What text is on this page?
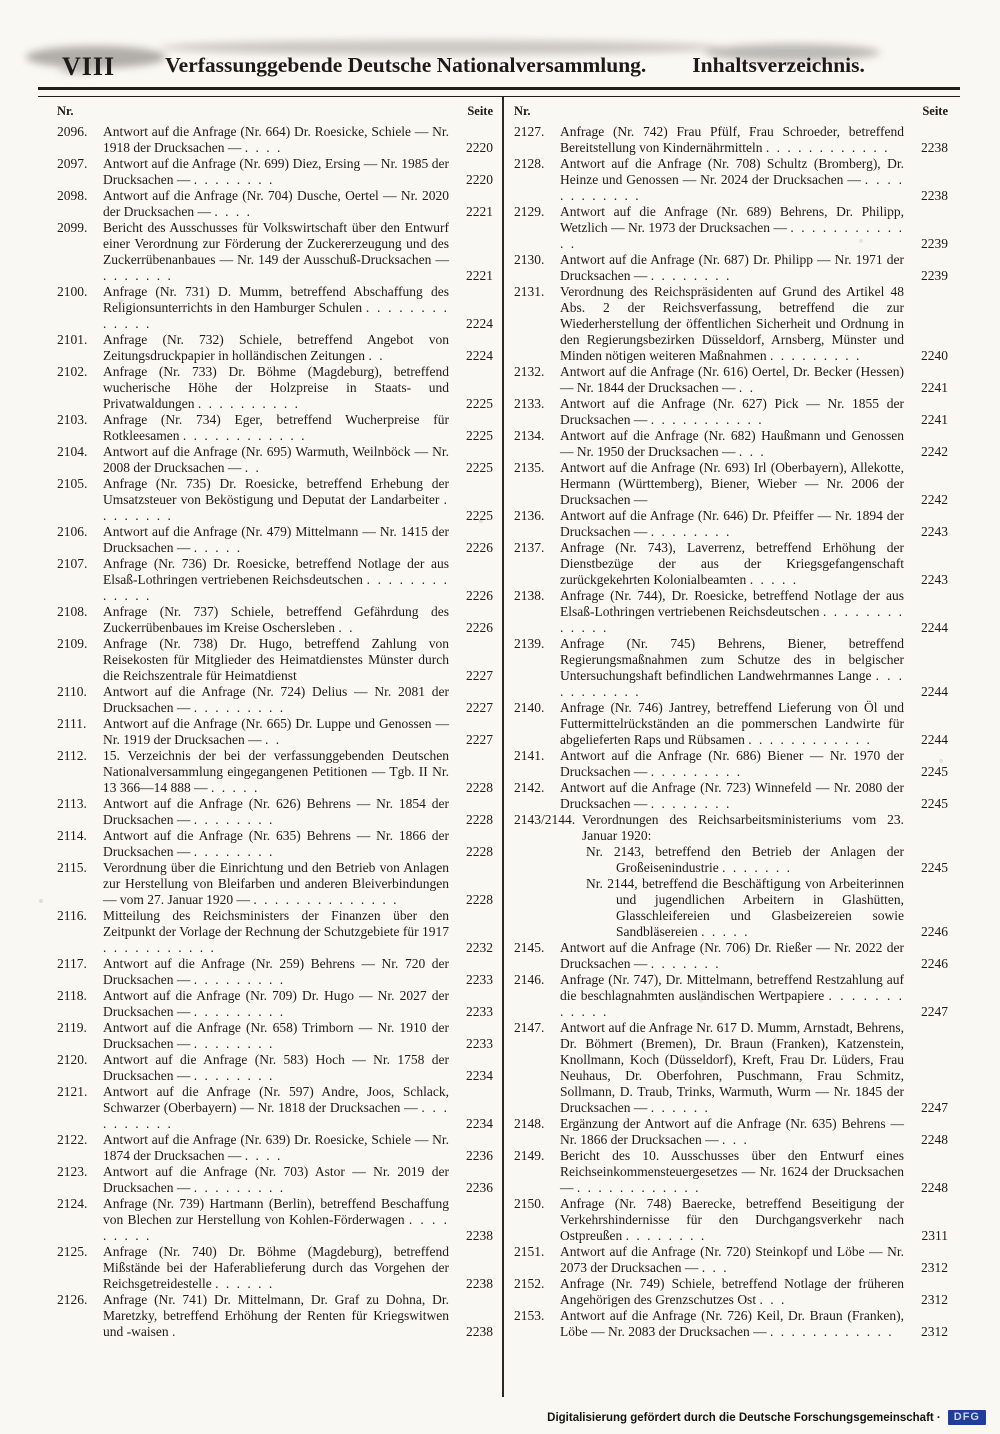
VIII Verfassunggebende Deutsche Nationalversammlung. Inhaltsverzeichnis.
Nr.	Seite
2096. Antwort auf die Anfrage (Nr. 664) Dr. Roesicke, Schiele — Nr. 1918 der Drucksachen — . . . .	2220
2097. Antwort auf die Anfrage (Nr. 699) Diez, Ersing — Nr. 1985 der Drucksachen — . . . . . . . .	2220
2098. Antwort auf die Anfrage (Nr. 704) Dusche, Oertel — Nr. 2020 der Drucksachen — . . . .	2221
2099. Bericht des Ausschusses für Volkswirtschaft über den Entwurf einer Verordnung zur Förderung der Zuckererzeugung und des Zuckerrübenanbaues — Nr. 149 der Ausschuß-Drucksachen — . . . . . . .	2221
2100. Anfrage (Nr. 731) D. Mumm, betreffend Abschaffung des Religionsunterrichts in den Hamburger Schulen . . . . . . . . . . . . .	2224
2101. Anfrage (Nr. 732) Schiele, betreffend Angebot von Zeitungsdruckpapier in holländischen Zeitungen . .	2224
2102. Anfrage (Nr. 733) Dr. Böhme (Magdeburg), betreffend wucherische Höhe der Holzpreise in Staats- und Privatwaldungen . . . . . . . . . .	2225
2103. Anfrage (Nr. 734) Eger, betreffend Wucherpreise für Rotkleesamen . . . . . . . . . . . .	2225
2104. Antwort auf die Anfrage (Nr. 695) Warmuth, Weilnböck — Nr. 2008 der Drucksachen — . .	2225
2105. Anfrage (Nr. 735) Dr. Roesicke, betreffend Erhebung der Umsatzsteuer von Beköstigung und Deputat der Landarbeiter . . . . . . . .	2225
2106. Antwort auf die Anfrage (Nr. 479) Mittelmann — Nr. 1415 der Drucksachen — . . . . .	2226
2107. Anfrage (Nr. 736) Dr. Roesicke, betreffend Notlage der aus Elsaß-Lothringen vertriebenen Reichsdeutschen . . . . . . . . . . . . .	2226
2108. Anfrage (Nr. 737) Schiele, betreffend Gefährdung des Zuckerrübenbaues im Kreise Oschersleben . .	2226
2109. Anfrage (Nr. 738) Dr. Hugo, betreffend Zahlung von Reisekosten für Mitglieder des Heimatdienstes Münster durch die Reichszentrale für Heimatdienst	2227
2110. Antwort auf die Anfrage (Nr. 724) Delius — Nr. 2081 der Drucksachen — . . . . . . . . .	2227
2111. Antwort auf die Anfrage (Nr. 665) Dr. Luppe und Genossen — Nr. 1919 der Drucksachen — . .	2227
2112. 15. Verzeichnis der bei der verfassunggebenden Deutschen Nationalversammlung eingegangenen Petitionen — Tgb. II Nr. 13 366—14 888 — . . . . .	2228
2113. Antwort auf die Anfrage (Nr. 626) Behrens — Nr. 1854 der Drucksachen — . . . . . . . .	2228
2114. Antwort auf die Anfrage (Nr. 635) Behrens — Nr. 1866 der Drucksachen — . . . . . . . .	2228
2115. Verordnung über die Einrichtung und den Betrieb von Anlagen zur Herstellung von Bleifarben und anderen Bleiverbindungen — vom 27. Januar 1920 — . . . . . . . . . . . . . .	2228
2116. Mitteilung des Reichsministers der Finanzen über den Zeitpunkt der Vorlage der Rechnung der Schutzgebiete für 1917 . . . . . . . . . . .	2232
2117. Antwort auf die Anfrage (Nr. 259) Behrens — Nr. 720 der Drucksachen — . . . . . . . . .	2233
2118. Antwort auf die Anfrage (Nr. 709) Dr. Hugo — Nr. 2027 der Drucksachen — . . . . . . . . .	2233
2119. Antwort auf die Anfrage (Nr. 658) Trimborn — Nr. 1910 der Drucksachen — . . . . . . . .	2233
2120. Antwort auf die Anfrage (Nr. 583) Hoch — Nr. 1758 der Drucksachen — . . . . . . . .	2234
2121. Antwort auf die Anfrage (Nr. 597) Andre, Joos, Schlack, Schwarzer (Oberbayern) — Nr. 1818 der Drucksachen — . . . . . . . . . .	2234
2122. Antwort auf die Anfrage (Nr. 639) Dr. Roesicke, Schiele — Nr. 1874 der Drucksachen — . . . .	2236
2123. Antwort auf die Anfrage (Nr. 703) Astor — Nr. 2019 der Drucksachen — . . . . . . . . .	2236
2124. Anfrage (Nr. 739) Hartmann (Berlin), betreffend Beschaffung von Blechen zur Herstellung von Kohlen-Förderwagen . . . . . . . . .	2238
2125. Anfrage (Nr. 740) Dr. Böhme (Magdeburg), betreffend Mißstände bei der Haferablieferung durch das Vorgehen der Reichsgetreidestelle . . . . . .	2238
2126. Anfrage (Nr. 741) Dr. Mittelmann, Dr. Graf zu Dohna, Dr. Maretzky, betreffend Erhöhung der Renten für Kriegswitwen und -waisen .	2238
Nr.	Seite
2127. Anfrage (Nr. 742) Frau Pfülf, Frau Schroeder, betreffend Bereitstellung von Kindernährmitteln . . . . . . . . . . . . 2238
2128. Antwort auf die Anfrage (Nr. 708) Schultz (Bromberg), Dr. Heinze und Genossen — Nr. 2024 der Drucksachen — . . . . . . . . . . . .	2238
2129. Antwort auf die Anfrage (Nr. 689) Behrens, Dr. Philipp, Wetzlich — Nr. 1973 der Drucksachen — . . . . . . . . . . . . .	2239
2130. Antwort auf die Anfrage (Nr. 687) Dr. Philipp — Nr. 1971 der Drucksachen — . . . . . . . .	2239
2131. Verordnung des Reichspräsidenten auf Grund des Artikel 48 Abs. 2 der Reichsverfassung, betreffend die zur Wiederherstellung der öffentlichen Sicherheit und Ordnung in den Regierungsbezirken Düsseldorf, Arnsberg, Münster und Minden nötigen weiteren Maßnahmen . . . . . . . . .	2240
2132. Antwort auf die Anfrage (Nr. 616) Oertel, Dr. Becker (Hessen) — Nr. 1844 der Drucksachen — . .	2241
2133. Antwort auf die Anfrage (Nr. 627) Pick — Nr. 1855 der Drucksachen — . . . . . . . . . . .	2241
2134. Antwort auf die Anfrage (Nr. 682) Haußmann und Genossen — Nr. 1950 der Drucksachen — . . .	2242
2135. Antwort auf die Anfrage (Nr. 693) Irl (Oberbayern), Allekotte, Hermann (Württemberg), Biener, Wieber — Nr. 2006 der Drucksachen —	2242
2136. Antwort auf die Anfrage (Nr. 646) Dr. Pfeiffer — Nr. 1894 der Drucksachen — . . . . . . . .	2243
2137. Anfrage (Nr. 743), Laverrenz, betreffend Erhöhung der Dienstbezüge der aus der Kriegsgefangenschaft zurückgekehrten Kolonialbeamten . . . . .	2243
2138. Anfrage (Nr. 744), Dr. Roesicke, betreffend Notlage der aus Elsaß-Lothringen vertriebenen Reichsdeutschen . . . . . . . . . . . . .	2244
2139. Anfrage (Nr. 745) Behrens, Biener, betreffend Regierungsmaßnahmen zum Schutze des in belgischer Untersuchungshaft befindlichen Landwehrmannes Lange . . . . . . . . . . .	2244
2140. Anfrage (Nr. 746) Jantrey, betreffend Lieferung von Öl und Futtermittelrückständen an die pommerschen Landwirte für abgelieferten Raps und Rübsamen . . . . . . . . . . . .	2244
2141. Antwort auf die Anfrage (Nr. 686) Biener — Nr. 1970 der Drucksachen — . . . . . . . . .	2245
2142. Antwort auf die Anfrage (Nr. 723) Winnefeld — Nr. 2080 der Drucksachen — . . . . . . . .	2245
2143/2144. Verordnungen des Reichsarbeitsministeriums vom 23. Januar 1920:
Nr. 2143, betreffend den Betrieb der Anlagen der Großeisenindustrie . . . . . . .	2245
Nr. 2144, betreffend die Beschäftigung von Arbeiterinnen und jugendlichen Arbeitern in Glashütten, Glasschleifereien und Glasbeizereien sowie Sandbläsereien . . . . .	2246
2145. Antwort auf die Anfrage (Nr. 706) Dr. Rießer — Nr. 2022 der Drucksachen — . . . . . . .	2246
2146. Anfrage (Nr. 747), Dr. Mittelmann, betreffend Restzahlung auf die beschlagnahmten ausländischen Wertpapiere . . . . . . . . . . . .	2247
2147. Antwort auf die Anfrage Nr. 617 D. Mumm, Arnstadt, Behrens, Dr. Böhmert (Bremen), Dr. Braun (Franken), Katzenstein, Knollmann, Koch (Düsseldorf), Kreft, Frau Dr. Lüders, Frau Neuhaus, Dr. Oberfohren, Puschmann, Frau Schmitz, Sollmann, D. Traub, Trinks, Warmuth, Wurm — Nr. 1845 der Drucksachen — . . . . . .	2247
2148. Ergänzung der Antwort auf die Anfrage (Nr. 635) Behrens — Nr. 1866 der Drucksachen — . . .	2248
2149. Bericht des 10. Ausschusses über den Entwurf eines Reichseinkommensteuergesetzes — Nr. 1624 der Drucksachen — . . . . . . . . . . . .	2248
2150. Anfrage (Nr. 748) Baerecke, betreffend Beseitigung der Verkehrshindernisse für den Durchgangsverkehr nach Ostpreußen . . . . . . . .	2311
2151. Antwort auf die Anfrage (Nr. 720) Steinkopf und Löbe — Nr. 2073 der Drucksachen — . . .	2312
2152. Anfrage (Nr. 749) Schiele, betreffend Notlage der früheren Angehörigen des Grenzschutzes Ost . . .	2312
2153. Antwort auf die Anfrage (Nr. 726) Keil, Dr. Braun (Franken), Löbe — Nr. 2083 der Drucksachen — . . . . . . . . . . . . 2312
Digitalisierung gefördert durch die Deutsche Forschungsgemeinschaft ·	DFG
